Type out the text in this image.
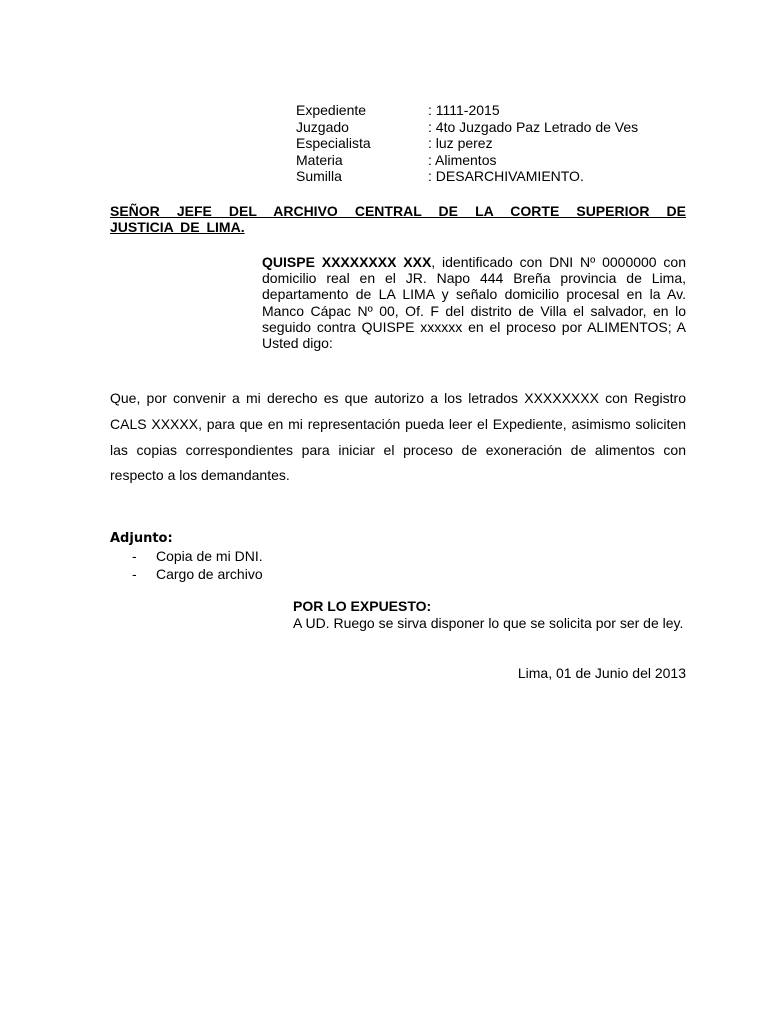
Expediente	: 1111-2015
Juzgado	: 4to Juzgado Paz Letrado de Ves
Especialista	: luz perez
Materia	: Alimentos
Sumilla	: DESARCHIVAMIENTO.
SEÑOR JEFE DEL ARCHIVO CENTRAL DE LA CORTE SUPERIOR DE
JUSTICIA DE LIMA.
QUISPE XXXXXXXX XXX, identificado con DNI Nº 0000000 con domicilio real en el JR. Napo 444 Breña provincia de Lima, departamento de LA LIMA y señalo domicilio procesal en la Av. Manco Cápac Nº 00, Of. F del distrito de Villa el salvador, en lo seguido contra QUISPE xxxxxx en el proceso por ALIMENTOS; A Usted digo:
Que, por convenir a mi derecho es que autorizo a los letrados XXXXXXXX con Registro CALS XXXXX, para que en mi representación pueda leer el Expediente, asimismo soliciten las copias correspondientes para iniciar el proceso de exoneración de alimentos con respecto a los demandantes.
Adjunto:
-	Copia de mi DNI.
-	Cargo de archivo
POR LO EXPUESTO:
A UD. Ruego se sirva disponer lo que se solicita por ser de ley.
Lima, 01 de Junio del 2013
